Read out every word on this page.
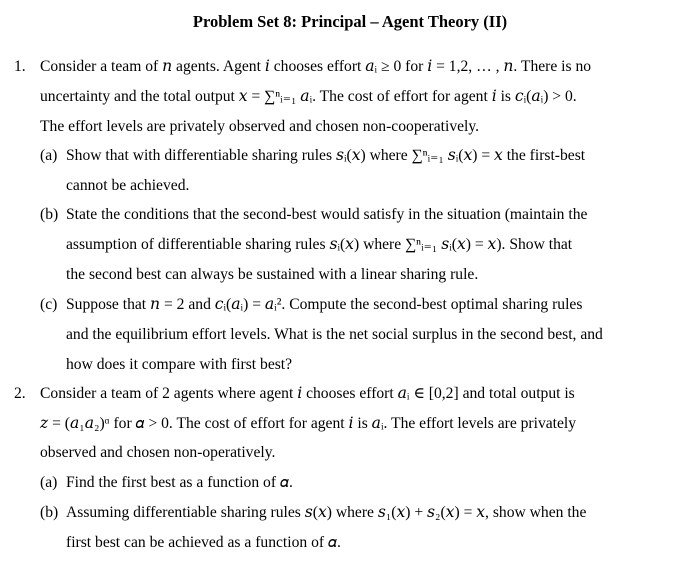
Problem Set 8: Principal – Agent Theory (II)
1. Consider a team of 𝑛 agents. Agent 𝑖 chooses effort 𝑎ᵢ ≥ 0 for 𝑖 = 1,2, … , 𝑛. There is no
uncertainty and the total output 𝑥 = ∑ⁿᵢ₌₁ 𝑎ᵢ. The cost of effort for agent 𝑖 is 𝑐ᵢ(𝑎ᵢ) > 0.
The effort levels are privately observed and chosen non-cooperatively.
(a) Show that with differentiable sharing rules 𝑠ᵢ(𝑥) where ∑ⁿᵢ₌₁ 𝑠ᵢ(𝑥) = 𝑥 the first-best
cannot be achieved.
(b) State the conditions that the second-best would satisfy in the situation (maintain the
assumption of differentiable sharing rules 𝑠ᵢ(𝑥) where ∑ⁿᵢ₌₁ 𝑠ᵢ(𝑥) = 𝑥). Show that
the second best can always be sustained with a linear sharing rule.
(c) Suppose that 𝑛 = 2 and 𝑐ᵢ(𝑎ᵢ) = 𝑎ᵢ². Compute the second-best optimal sharing rules
and the equilibrium effort levels. What is the net social surplus in the second best, and
how does it compare with first best?
2. Consider a team of 2 agents where agent 𝑖 chooses effort 𝑎ᵢ ∈ [0,2] and total output is
𝑧 = (𝑎₁𝑎₂)ᵅ for 𝛼 > 0. The cost of effort for agent 𝑖 is 𝑎ᵢ. The effort levels are privately
observed and chosen non-operatively.
(a) Find the first best as a function of 𝛼.
(b) Assuming differentiable sharing rules 𝑠(𝑥) where 𝑠₁(𝑥) + 𝑠₂(𝑥) = 𝑥, show when the
first best can be achieved as a function of 𝛼.
